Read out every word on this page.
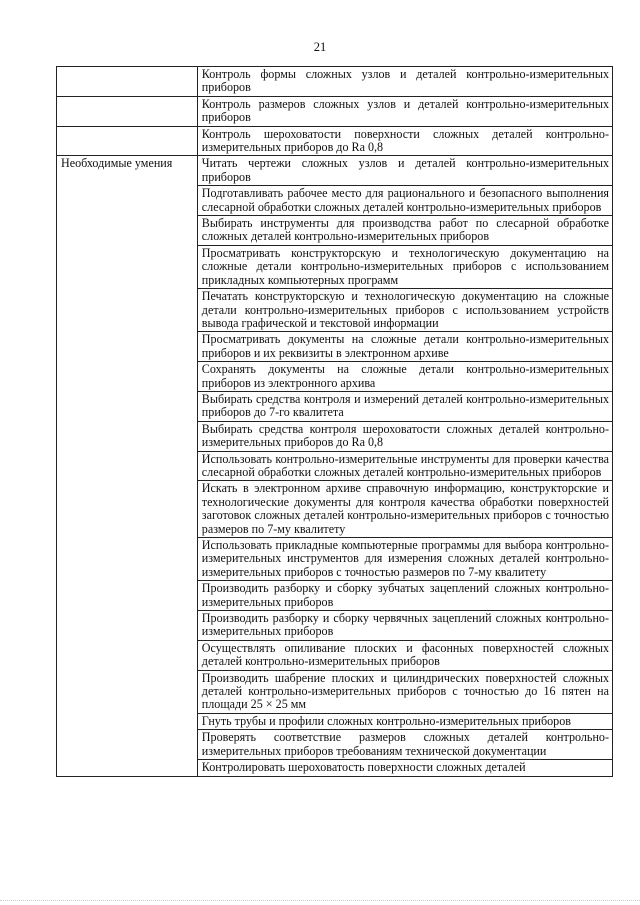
21

	Контроль формы сложных узлов и деталей контрольно-измерительных приборов

	Контроль размеров сложных узлов и деталей контрольно-измерительных приборов

	Контроль шероховатости поверхности сложных деталей контрольно-измерительных приборов до Ra 0,8

Необходимые умения	Читать чертежи сложных узлов и деталей контрольно-измерительных приборов

	Подготавливать рабочее место для рационального и безопасного выполнения слесарной обработки сложных деталей контрольно-измерительных приборов

	Выбирать инструменты для производства работ по слесарной обработке сложных деталей контрольно-измерительных приборов

	Просматривать конструкторскую и технологическую документацию на сложные детали контрольно-измерительных приборов с использованием прикладных компьютерных программ

	Печатать конструкторскую и технологическую документацию на сложные детали контрольно-измерительных приборов с использованием устройств вывода графической и текстовой информации

	Просматривать документы на сложные детали контрольно-измерительных приборов и их реквизиты в электронном архиве

	Сохранять документы на сложные детали контрольно-измерительных приборов из электронного архива

	Выбирать средства контроля и измерений деталей контрольно-измерительных приборов до 7-го квалитета

	Выбирать средства контроля шероховатости сложных деталей контрольно-измерительных приборов до Ra 0,8

	Использовать контрольно-измерительные инструменты для проверки качества слесарной обработки сложных деталей контрольно-измерительных приборов

	Искать в электронном архиве справочную информацию, конструкторские и технологические документы для контроля качества обработки поверхностей заготовок сложных деталей контрольно-измерительных приборов с точностью размеров по 7-му квалитету

	Использовать прикладные компьютерные программы для выбора контрольно-измерительных инструментов для измерения сложных деталей контрольно-измерительных приборов с точностью размеров по 7-му квалитету

	Производить разборку и сборку зубчатых зацеплений сложных контрольно-измерительных приборов

	Производить разборку и сборку червячных зацеплений сложных контрольно-измерительных приборов

	Осуществлять опиливание плоских и фасонных поверхностей сложных деталей контрольно-измерительных приборов

	Производить шабрение плоских и цилиндрических поверхностей сложных деталей контрольно-измерительных приборов с точностью до 16 пятен на площади 25 × 25 мм

	Гнуть трубы и профили сложных контрольно-измерительных приборов

	Проверять соответствие размеров сложных деталей контрольно-измерительных приборов требованиям технической документации

	Контролировать шероховатость поверхности сложных деталей
